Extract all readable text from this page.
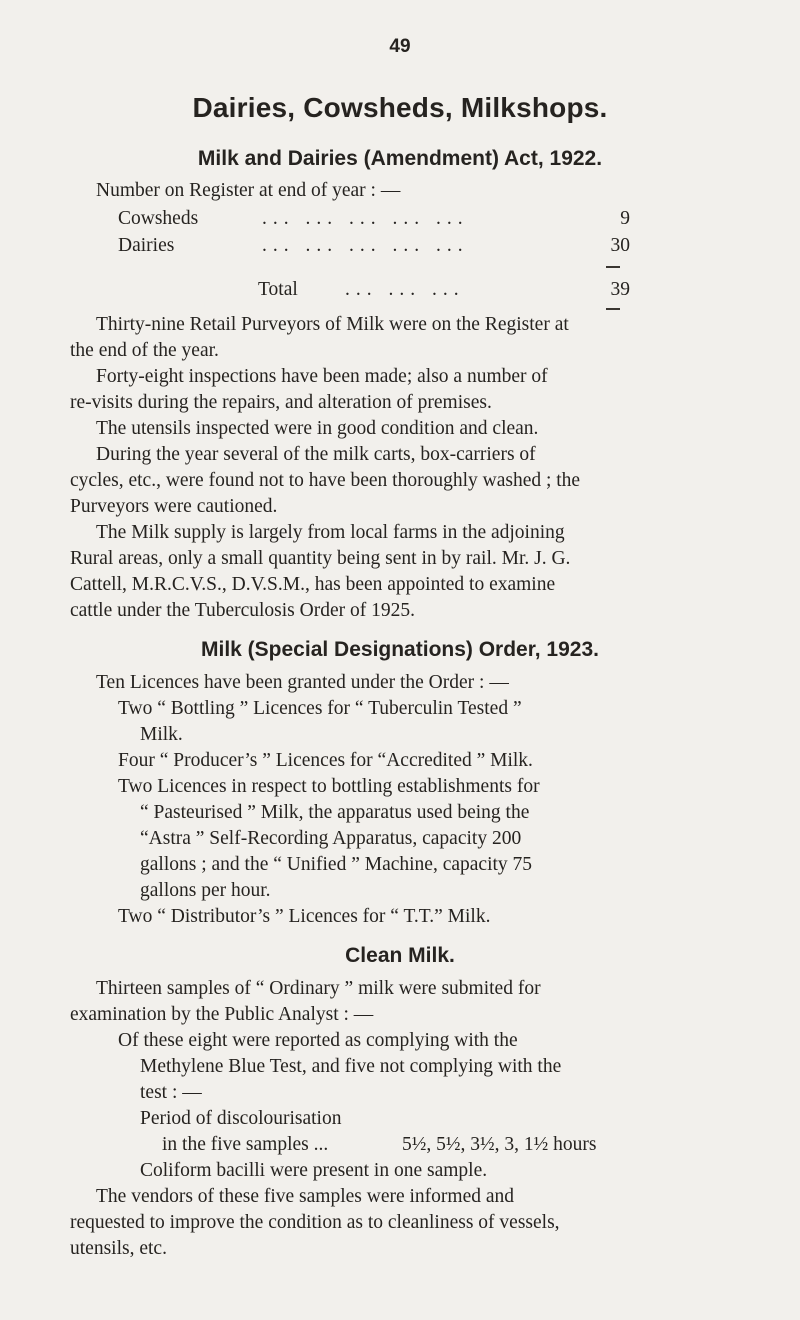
49
Dairies, Cowsheds, Milkshops.
Milk and Dairies (Amendment) Act, 1922.
Number on Register at end of year : —
Cowsheds	... ... ... ... ...	9
Dairies	... ... ... ... ...	30
Total ... ... ...	39
Thirty-nine Retail Purveyors of Milk were on the Register at
the end of the year.
Forty-eight inspections have been made; also a number of
re-visits during the repairs, and alteration of premises.
The utensils inspected were in good condition and clean.
During the year several of the milk carts, box-carriers of
cycles, etc., were found not to have been thoroughly washed ; the
Purveyors were cautioned.
The Milk supply is largely from local farms in the adjoining
Rural areas, only a small quantity being sent in by rail. Mr. J. G.
Cattell, M.R.C.V.S., D.V.S.M., has been appointed to examine
cattle under the Tuberculosis Order of 1925.
Milk (Special Designations) Order, 1923.
Ten Licences have been granted under the Order : —
Two “ Bottling ” Licences for “ Tuberculin Tested ”
Milk.
Four “ Producer’s ” Licences for “Accredited ” Milk.
Two Licences in respect to bottling establishments for
“ Pasteurised ” Milk, the apparatus used being the
“Astra ” Self-Recording Apparatus, capacity 200
gallons ; and the “ Unified ” Machine, capacity 75
gallons per hour.
Two “ Distributor’s ” Licences for “ T.T.” Milk.
Clean Milk.
Thirteen samples of “ Ordinary ” milk were submited for
examination by the Public Analyst : —
Of these eight were reported as complying with the
Methylene Blue Test, and five not complying with the
test : —
Period of discolourisation
in the five samples ...	5½, 5½, 3½, 3, 1½ hours
Coliform bacilli were present in one sample.
The vendors of these five samples were informed and
requested to improve the condition as to cleanliness of vessels,
utensils, etc.
